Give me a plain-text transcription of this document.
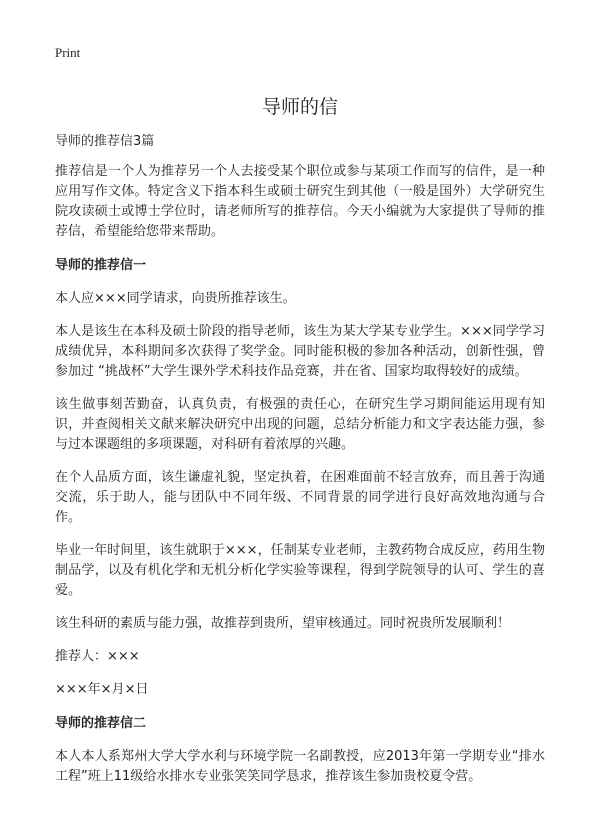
Print
导师的信
导师的推荐信3篇

推荐信是一个人为推荐另一个人去接受某个职位或参与某项工作而写的信件，是一种应用写作文体。特定含义下指本科生或硕士研究生到其他（一般是国外）大学研究生院攻读硕士或博士学位时，请老师所写的推荐信。今天小编就为大家提供了导师的推荐信，希望能给您带来帮助。

导师的推荐信一

本人应×××同学请求，向贵所推荐该生。

本人是该生在本科及硕士阶段的指导老师，该生为某大学某专业学生。×××同学学习成绩优异，本科期间多次获得了奖学金。同时能积极的参加各种活动，创新性强，曾参加过 “挑战杯”大学生课外学术科技作品竞赛，并在省、国家均取得较好的成绩。

该生做事刻苦勤奋，认真负责，有极强的责任心，在研究生学习期间能运用现有知识，并查阅相关文献来解决研究中出现的问题，总结分析能力和文字表达能力强，参与过本课题组的多项课题，对科研有着浓厚的兴趣。

在个人品质方面，该生谦虚礼貌，坚定执着，在困难面前不轻言放弃，而且善于沟通交流，乐于助人，能与团队中不同年级、不同背景的同学进行良好高效地沟通与合作。

毕业一年时间里，该生就职于×××，任制某专业老师，主教药物合成反应，药用生物制品学，以及有机化学和无机分析化学实验等课程，得到学院领导的认可、学生的喜爱。

该生科研的素质与能力强，故推荐到贵所，望审核通过。同时祝贵所发展顺利！

推荐人：×××

×××年×月×日

导师的推荐信二

本人本人系郑州大学大学水利与环境学院一名副教授，应2013年第一学期专业“排水工程”班上11级给水排水专业张笑笑同学恳求，推荐该生参加贵校夏令营。
